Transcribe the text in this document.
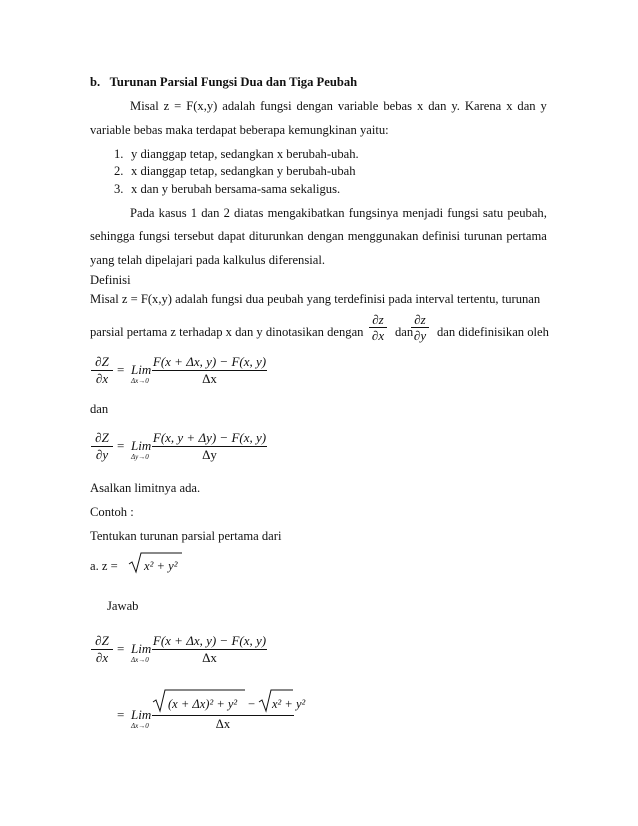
b.   Turunan Parsial Fungsi Dua dan Tiga Peubah
Misal z = F(x,y) adalah fungsi dengan variable bebas x dan y. Karena x dan y
variable bebas maka terdapat beberapa kemungkinan yaitu:
1. y dianggap tetap, sedangkan x berubah-ubah.
2. x dianggap tetap, sedangkan y berubah-ubah
3. x dan y berubah bersama-sama sekaligus.
Pada kasus 1 dan 2 diatas mengakibatkan fungsinya menjadi fungsi satu peubah,
sehingga fungsi tersebut dapat diturunkan dengan menggunakan definisi turunan pertama
yang telah dipelajari pada kalkulus diferensial.
Definisi
Misal z = F(x,y) adalah fungsi dua peubah yang terdefinisi pada interval tertentu, turunan
parsial pertama z terhadap x dan y dinotasikan dengan
∂z
∂x dan
∂z
∂y dan didefinisikan oleh
∂Z
∂x
= Lim
Δx→0
F(x + Δx, y) − F(x, y)
Δx
dan
∂Z
∂y
= Lim
Δy→0
F(x, y + Δy) − F(x, y)
Δy
Asalkan limitnya ada.
Contoh :
Tentukan turunan parsial pertama dari
a. z = x² + y²
Jawab
∂Z
∂x
= Lim
Δx→0
F(x + Δx, y) − F(x, y)
Δx
= Lim
Δx→0
(x + Δx)² + y² − x² + y²
Δx
